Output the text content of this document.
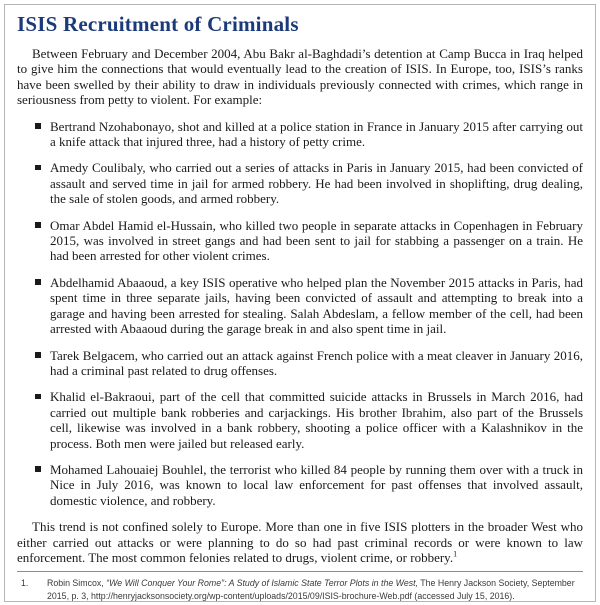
ISIS Recruitment of Criminals

Between February and December 2004, Abu Bakr al-Baghdadi’s detention at Camp Bucca in Iraq helped to give him the connections that would eventually lead to the creation of ISIS. In Europe, too, ISIS’s ranks have been swelled by their ability to draw in individuals previously connected with crimes, which range in seriousness from petty to violent. For example:

Bertrand Nzohabonayo, shot and killed at a police station in France in January 2015 after carrying out a knife attack that injured three, had a history of petty crime.
Amedy Coulibaly, who carried out a series of attacks in Paris in January 2015, had been convicted of assault and served time in jail for armed robbery. He had been involved in shoplifting, drug dealing, the sale of stolen goods, and armed robbery.
Omar Abdel Hamid el-Hussain, who killed two people in separate attacks in Copenhagen in February 2015, was involved in street gangs and had been sent to jail for stabbing a passenger on a train. He had been arrested for other violent crimes.
Abdelhamid Abaaoud, a key ISIS operative who helped plan the November 2015 attacks in Paris, had spent time in three separate jails, having been convicted of assault and attempting to break into a garage and having been arrested for stealing. Salah Abdeslam, a fellow member of the cell, had been arrested with Abaaoud during the garage break in and also spent time in jail.
Tarek Belgacem, who carried out an attack against French police with a meat cleaver in January 2016, had a criminal past related to drug offenses.
Khalid el-Bakraoui, part of the cell that committed suicide attacks in Brussels in March 2016, had carried out multiple bank robberies and carjackings. His brother Ibrahim, also part of the Brussels cell, likewise was involved in a bank robbery, shooting a police officer with a Kalashnikov in the process. Both men were jailed but released early.
Mohamed Lahouaiej Bouhlel, the terrorist who killed 84 people by running them over with a truck in Nice in July 2016, was known to local law enforcement for past offenses that involved assault, domestic violence, and robbery.

This trend is not confined solely to Europe. More than one in five ISIS plotters in the broader West who either carried out attacks or were planning to do so had past criminal records or were known to law enforcement. The most common felonies related to drugs, violent crime, or robbery.$^1$

1.	Robin Simcox, “We Will Conquer Your Rome”: A Study of Islamic State Terror Plots in the West, The Henry Jackson Society, September 2015, p. 3, http://henryjacksonsociety.org/wp-content/uploads/2015/09/ISIS-brochure-Web.pdf (accessed July 15, 2016).
